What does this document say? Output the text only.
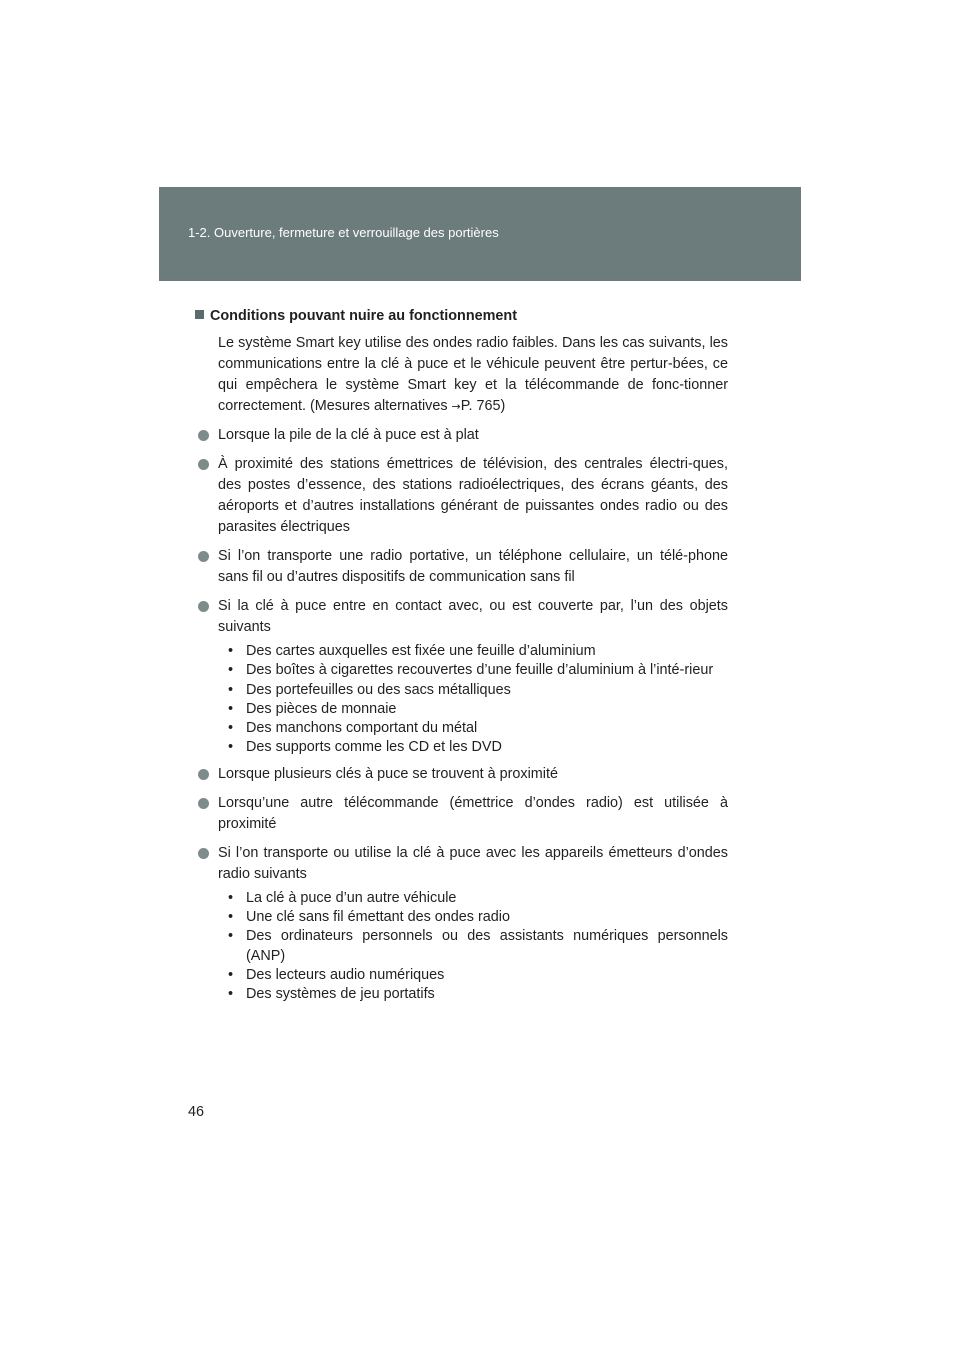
1-2. Ouverture, fermeture et verrouillage des portières
Conditions pouvant nuire au fonctionnement

Le système Smart key utilise des ondes radio faibles. Dans les cas suivants, les communications entre la clé à puce et le véhicule peuvent être pertur-bées, ce qui empêchera le système Smart key et la télécommande de fonc-tionner correctement. (Mesures alternatives →P. 765)

Lorsque la pile de la clé à puce est à plat
À proximité des stations émettrices de télévision, des centrales électri-ques, des postes d’essence, des stations radioélectriques, des écrans géants, des aéroports et d’autres installations générant de puissantes ondes radio ou des parasites électriques
Si l’on transporte une radio portative, un téléphone cellulaire, un télé-phone sans fil ou d’autres dispositifs de communication sans fil
Si la clé à puce entre en contact avec, ou est couverte par, l’un des objets suivants
• Des cartes auxquelles est fixée une feuille d’aluminium
• Des boîtes à cigarettes recouvertes d’une feuille d’aluminium à l’inté-rieur
• Des portefeuilles ou des sacs métalliques
• Des pièces de monnaie
• Des manchons comportant du métal
• Des supports comme les CD et les DVD
Lorsque plusieurs clés à puce se trouvent à proximité
Lorsqu’une autre télécommande (émettrice d’ondes radio) est utilisée à proximité
Si l’on transporte ou utilise la clé à puce avec les appareils émetteurs d’ondes radio suivants
• La clé à puce d’un autre véhicule
• Une clé sans fil émettant des ondes radio
• Des ordinateurs personnels ou des assistants numériques personnels (ANP)
• Des lecteurs audio numériques
• Des systèmes de jeu portatifs
46
